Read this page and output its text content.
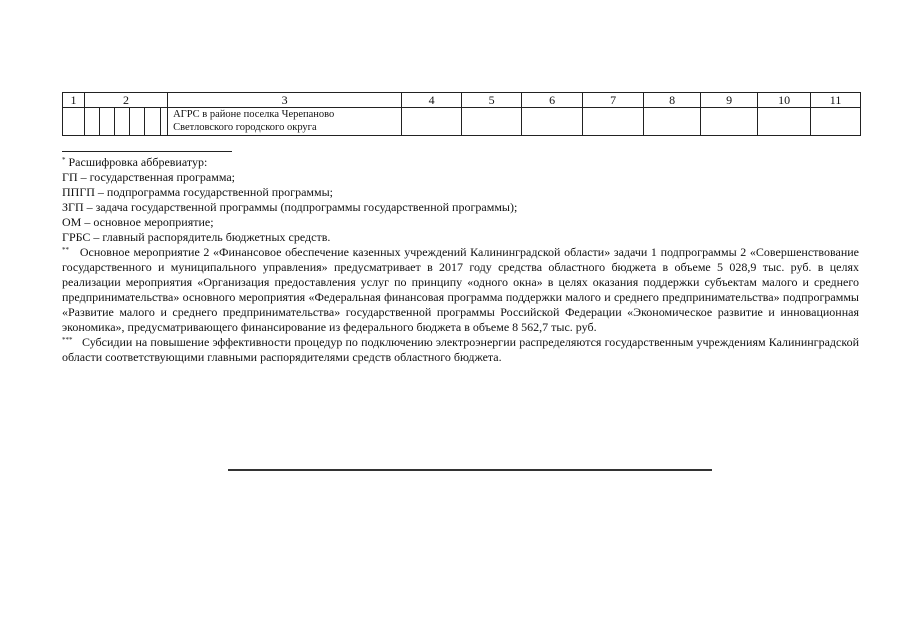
1	2						3	4	5	6	7	8	9	10	11

							АГРС в районе поселка Черепаново
Светловского городского округа								

* Расшифровка аббревиатур:

ГП – государственная программа;

ППГП – подпрограмма государственной программы;

ЗГП – задача государственной программы (подпрограммы государственной программы);

ОМ – основное мероприятие;

ГРБС – главный распорядитель бюджетных средств.

** Основное мероприятие 2 «Финансовое обеспечение казенных учреждений Калининградской области» задачи 1 подпрограммы 2 «Совершенствование государственного и муниципального управления» предусматривает в 2017 году средства областного бюджета в объеме 5 028,9 тыс. руб. в целях реализации мероприятия «Организация предоставления услуг по принципу «одного окна» в целях оказания поддержки субъектам малого и среднего предпринимательства» основного мероприятия «Федеральная финансовая программа поддержки малого и среднего предпринимательства» подпрограммы «Развитие малого и среднего предпринимательства» государственной программы Российской Федерации «Экономическое развитие и инновационная экономика», предусматривающего финансирование из федерального бюджета в объеме 8 562,7 тыс. руб.

*** Субсидии на повышение эффективности процедур по подключению электроэнергии распределяются государственным учреждениям Калининградской области соответствующими главными распорядителями средств областного бюджета.
